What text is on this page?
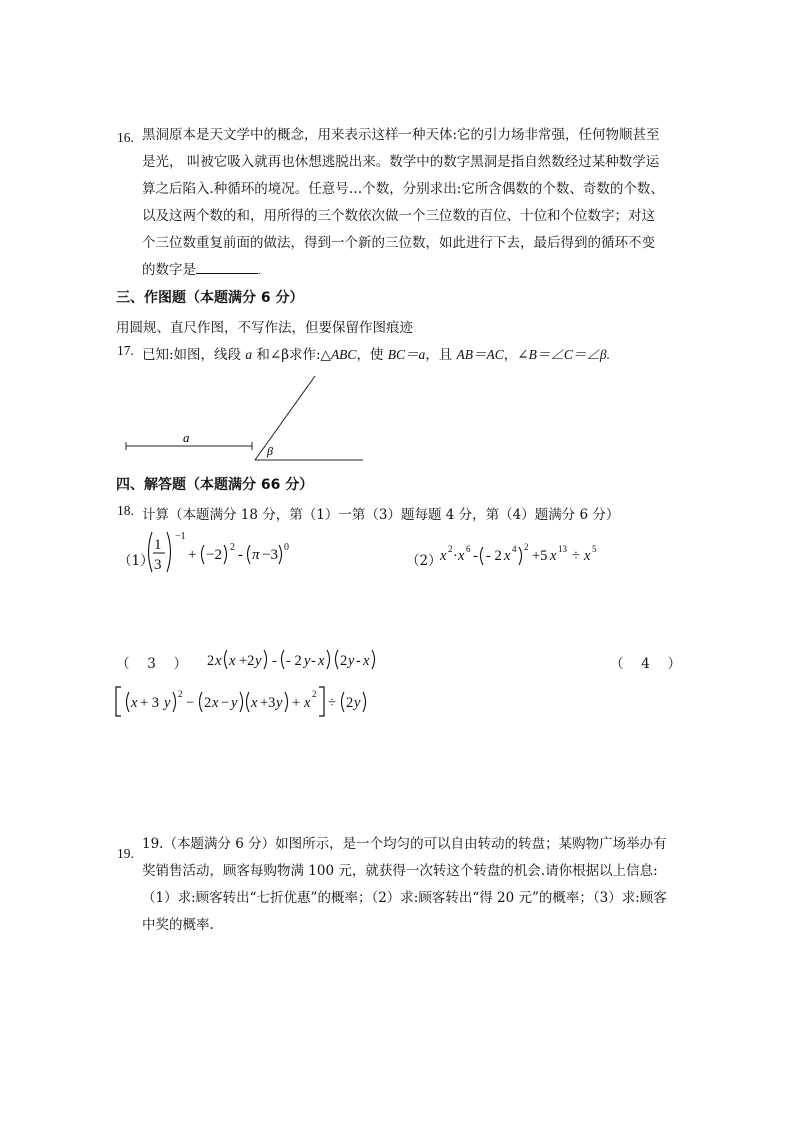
16. 黑洞原本是天文学中的概念，用来表示这样一种天体:它的引力场非常强，任何物顺甚至
是光， 叫被它吸入就再也休想逃脱出来。数学中的数字黑洞是指自然数经过某种数学运
算之后陷入.种循环的境况。任意号…个数，分别求出:它所含偶数的个数、奇数的个数、
以及这两个数的和，用所得的三个数依次做一个三位数的百位、十位和个位数字；对这
个三位数重复前面的做法，得到一个新的三位数，如此进行下去，最后得到的循环不变
的数字是	.
三、作图题（本题满分 6 分）
用圆规、直尺作图，不写作法，但要保留作图痕迹
17. 已知:如图，线段 a 和∠β求作:△ABC，使 BC＝a，且 AB＝AC，∠B＝∠C＝∠β.
a
β
四、解答题（本题满分 66 分）
18. 计算（本题满分 18 分，第（1）一第（3）题每题 4 分，第（4）题满分 6 分）
（1）
1
3
−1
+ −2 2 - π −3 0
（2）
x 2 · x 6 - - 2 x 4 2
+5 x 13 ÷ x 5
（　 3　 ） 2 x x +2 y - - 2 y - x 2 y - x	（　 4　 ）
x + 3 y
2
− 2 x − y x +3 y + x
2
÷ 2 y
19.
19.（本题满分 6 分）如图所示，是一个均匀的可以自由转动的转盘；某购物广场举办有
奖销售活动，顾客每购物满 100 元，就获得一次转这个转盘的机会.请你根据以上信息:
（1）求:顾客转出“七折优惠”的概率；（2）求:顾客转出“得 20 元”的概率；（3）求:顾客
中奖的概率.
